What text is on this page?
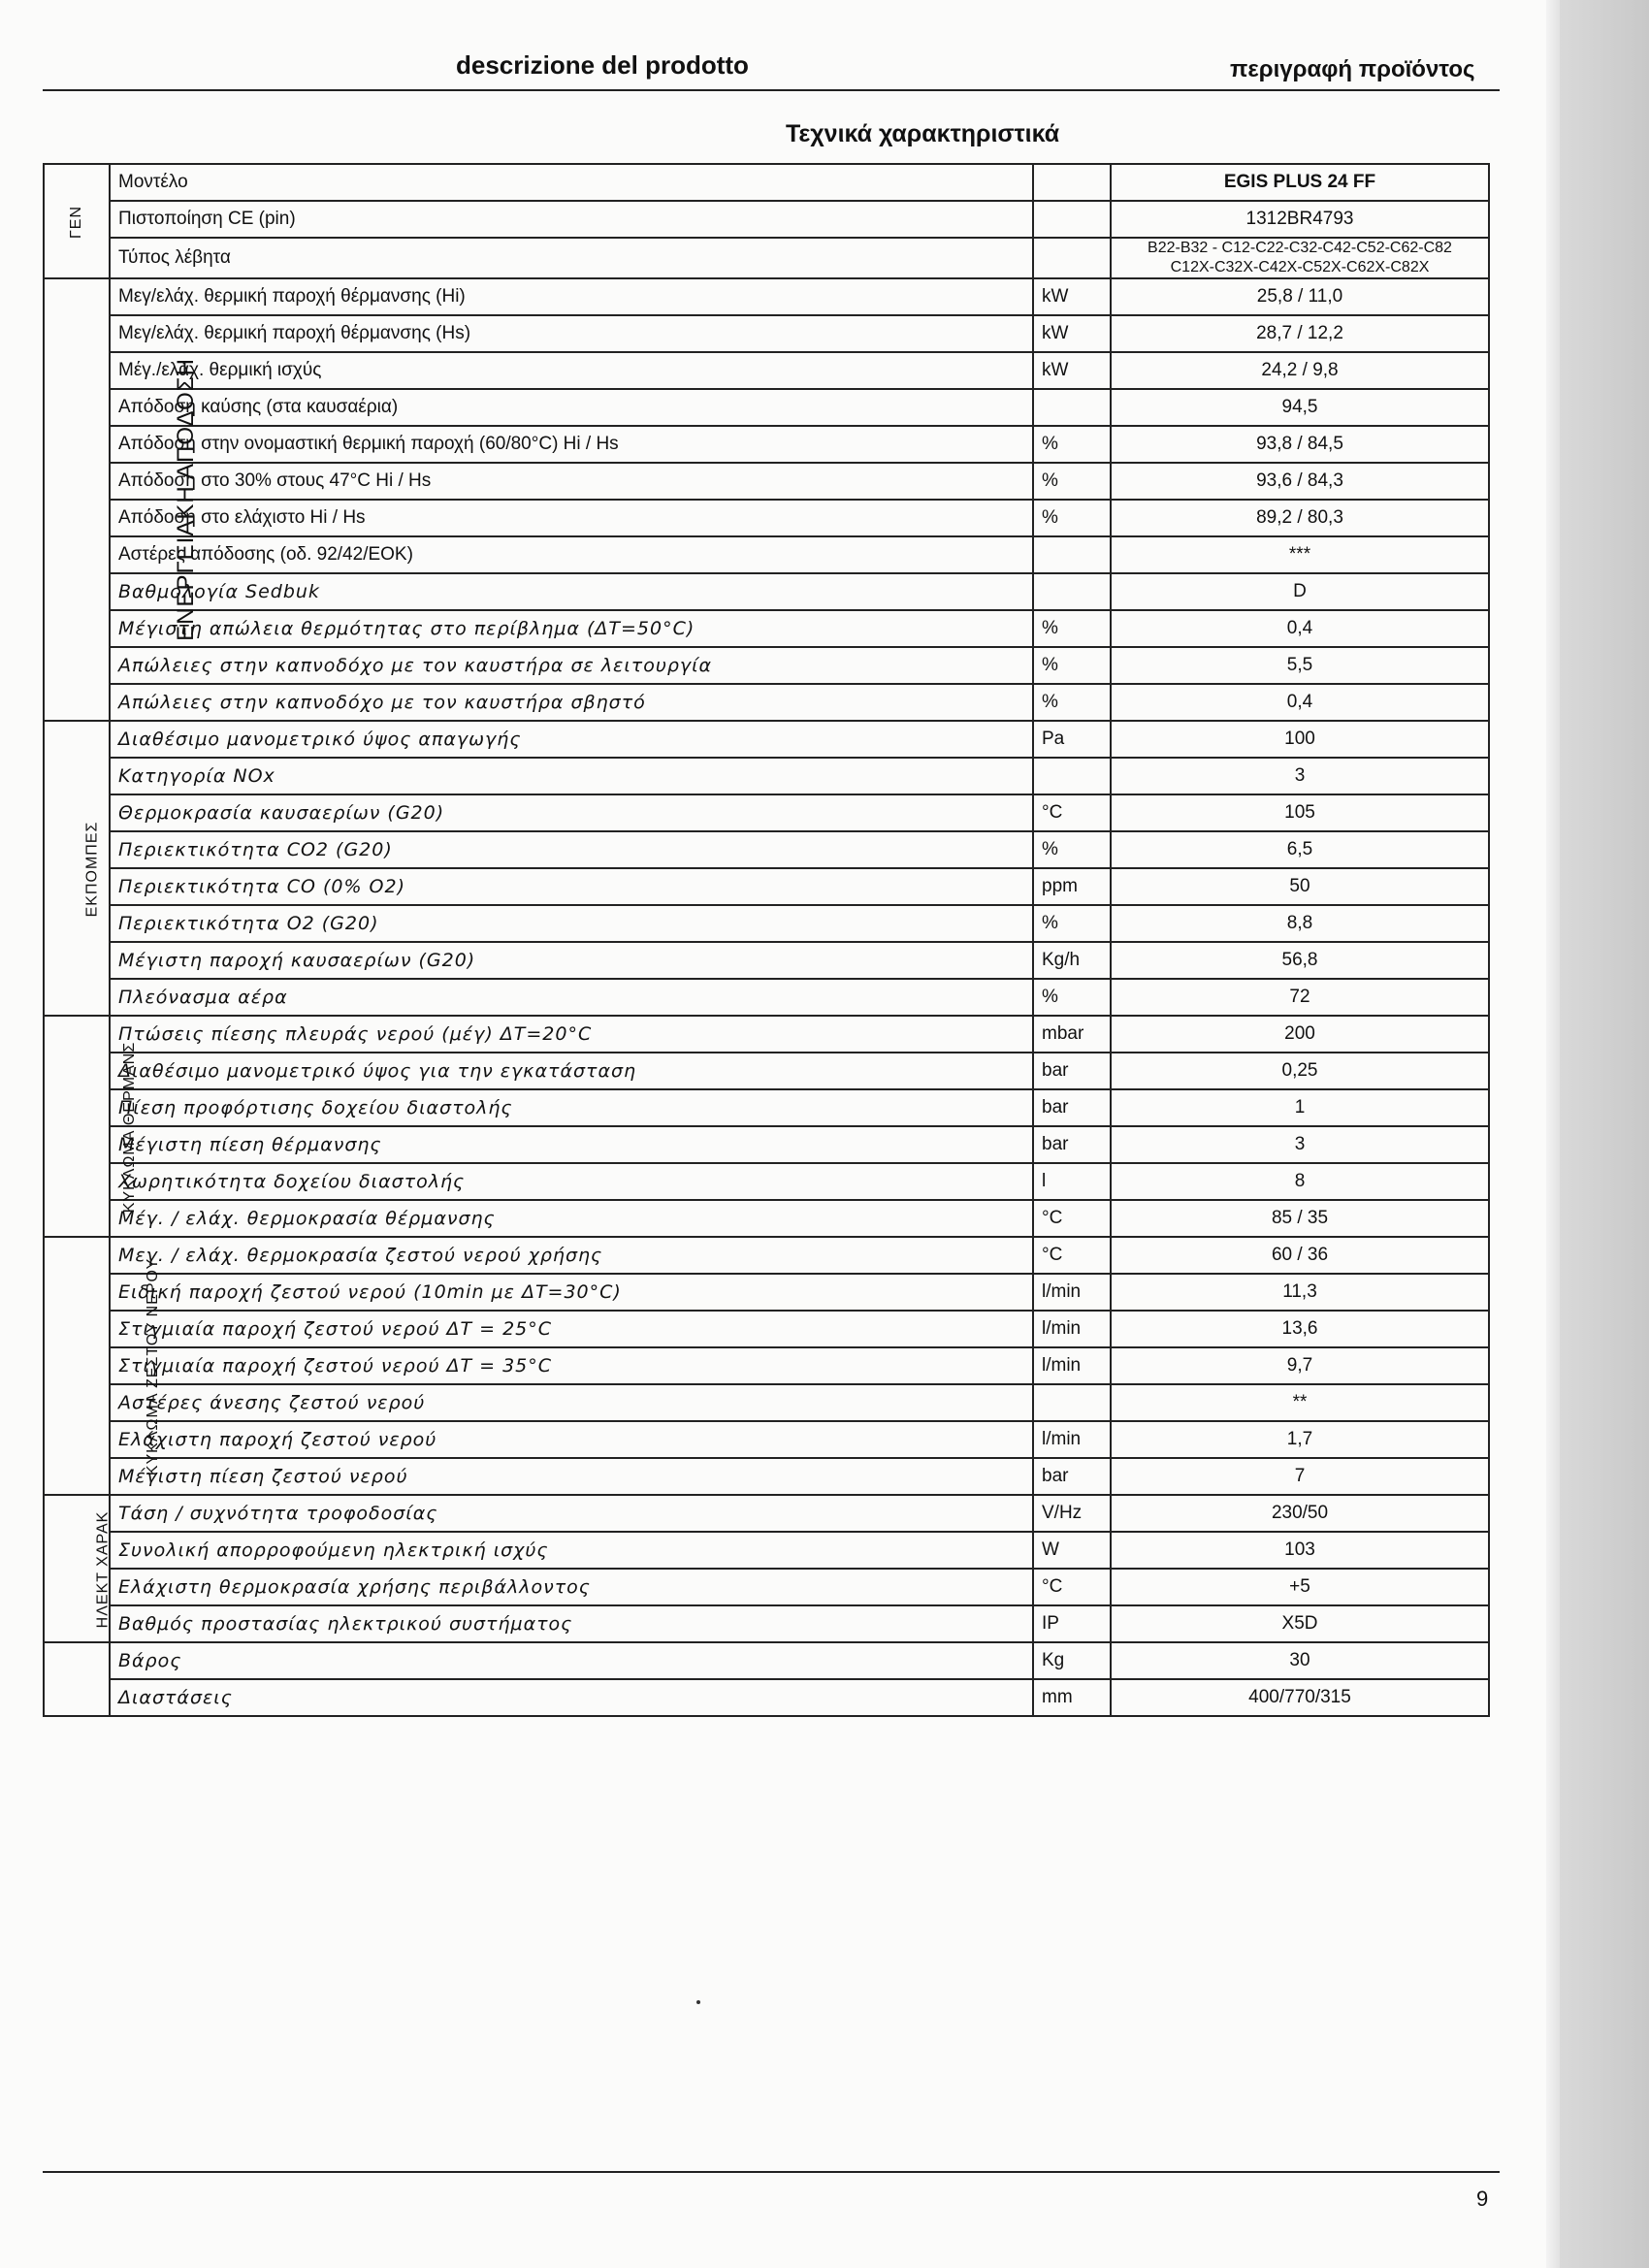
descrizione del prodotto	περιγραφή προϊόντος
Τεχνικά χαρακτηριστικά
ΓΕΝ	Μοντέλο		EGIS PLUS 24 FF
	Πιστοποίηση CE (pin)		1312BR4793
	Τύπος λέβητα		B22-B32 - C12-C22-C32-C42-C52-C62-C82
C12X-C32X-C42X-C52X-C62X-C82X

ΕΝΕΡΓΕΙΑΚΗ ΑΠΟΔΟΣΗ	Μεγ/ελάχ. θερμική παροχή θέρμανσης (Hi)	kW	25,8 / 11,0
	Μεγ/ελάχ. θερμική παροχή θέρμανσης (Hs)	kW	28,7 / 12,2
	Μέγ./ελάχ. θερμική ισχύς	kW	24,2 / 9,8
	Απόδοση καύσης (στα καυσαέρια)		94,5
	Απόδοση στην ονομαστική θερμική παροχή (60/80°C) Hi / Hs	%	93,8 / 84,5
	Απόδοση στο 30% στους 47°C Hi / Hs	%	93,6 / 84,3
	Απόδοση στο ελάχιστο Hi / Hs	%	89,2 / 80,3
	Αστέρες απόδοσης (οδ. 92/42/ΕΟΚ)		***
	Βαθμολογία Sedbuk		D
	Μέγιστη απώλεια θερμότητας στο περίβλημα (ΔT=50°C)	%	0,4
	Απώλειες στην καπνοδόχο με τον καυστήρα σε λειτουργία	%	5,5
	Απώλειες στην καπνοδόχο με τον καυστήρα σβηστό	%	0,4
ΕΚΠΟΜΠΕΣ	Διαθέσιμο μανομετρικό ύψος απαγωγής	Pa	100
	Κατηγορία NOx		3
	Θερμοκρασία καυσαερίων (G20)	°C	105
	Περιεκτικότητα CO2 (G20)	%	6,5
	Περιεκτικότητα CO (0% O2)	ppm	50
	Περιεκτικότητα O2 (G20)	%	8,8
	Μέγιστη παροχή καυσαερίων (G20)	Kg/h	56,8
	Πλεόνασμα αέρα	%	72
ΚΥΚΛΩΜΑ ΘΕΡΜΑΝΣ	Πτώσεις πίεσης πλευράς νερού (μέγ) ΔT=20°C	mbar	200
	Διαθέσιμο μανομετρικό ύψος για την εγκατάσταση	bar	0,25
	Πίεση προφόρτισης δοχείου διαστολής	bar	1
	Μέγιστη πίεση θέρμανσης	bar	3
	Χωρητικότητα δοχείου διαστολής	l	8
	Μέγ. / ελάχ. θερμοκρασία θέρμανσης	°C	85 / 35
ΚΥΚΛΩΜΑ ΖΕΣΤΟΥ ΝΕΡΟΥ	Μεγ. / ελάχ. θερμοκρασία ζεστού νερού χρήσης	°C	60 / 36
	Ειδική παροχή ζεστού νερού (10min με ΔT=30°C)	l/min	11,3
	Στιγμιαία παροχή ζεστού νερού ΔT = 25°C	l/min	13,6
	Στιγμιαία παροχή ζεστού νερού ΔT = 35°C	l/min	9,7
	Αστέρες άνεσης ζεστού νερού		**
	Ελάχιστη παροχή ζεστού νερού	l/min	1,7
	Μέγιστη πίεση ζεστού νερού	bar	7
ΗΛΕΚΤ ΧΑΡΑΚ	Τάση / συχνότητα τροφοδοσίας	V/Hz	230/50
	Συνολική απορροφούμενη ηλεκτρική ισχύς	W	103
	Ελάχιστη θερμοκρασία χρήσης περιβάλλοντος	°C	+5
	Βαθμός προστασίας ηλεκτρικού συστήματος	IP	X5D
	Βάρος	Kg	30
	Διαστάσεις	mm	400/770/315
9
